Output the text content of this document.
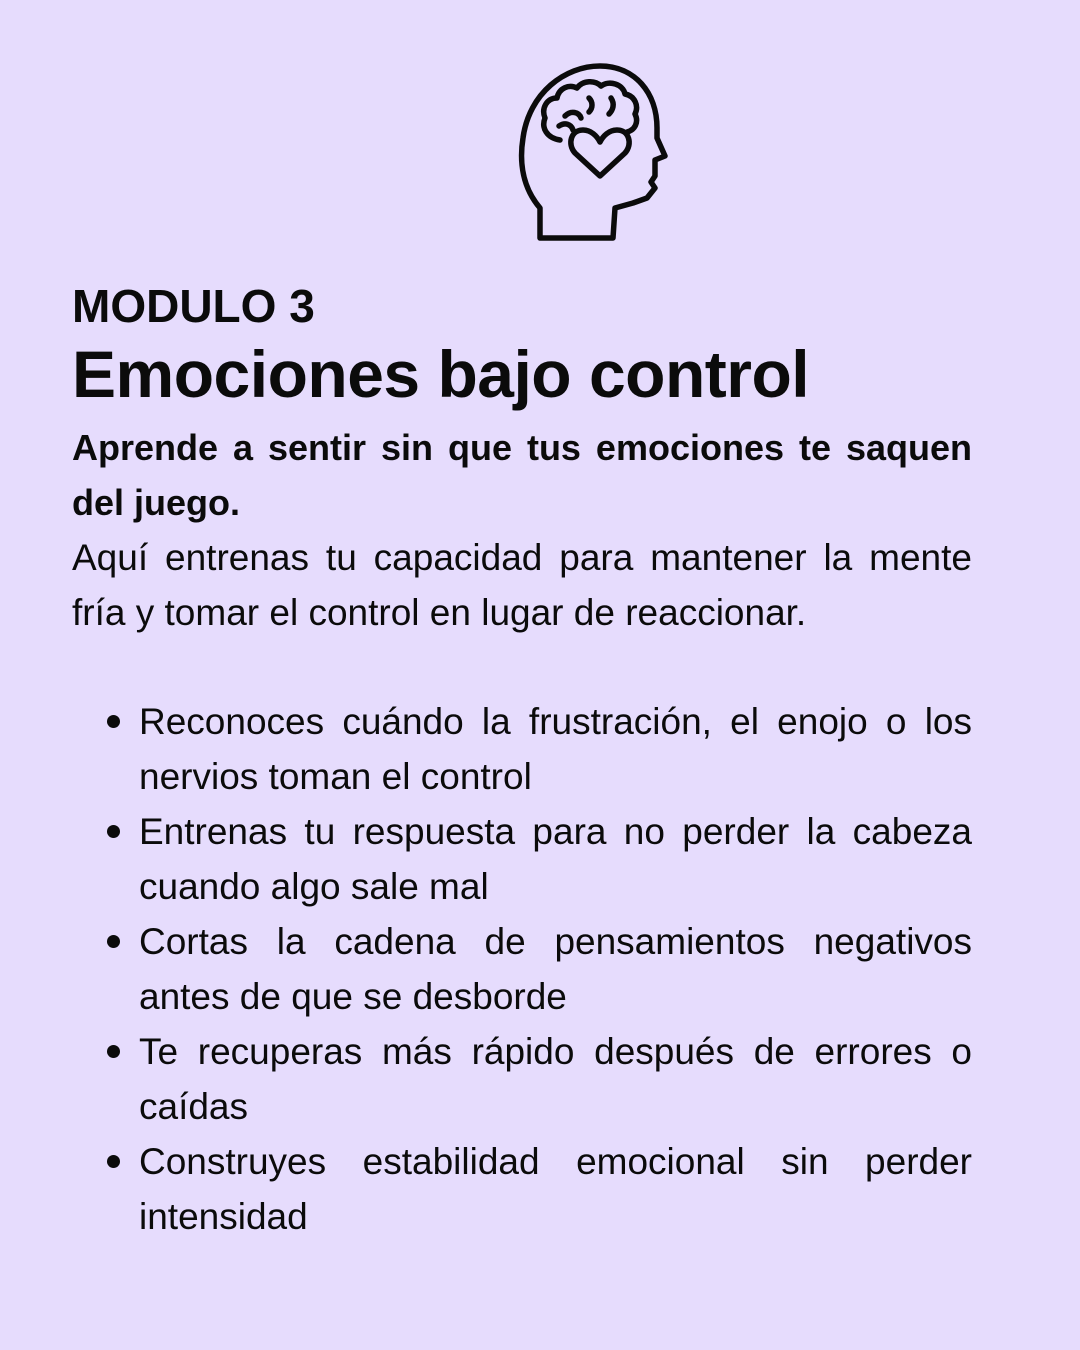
MODULO 3
Emociones bajo control

Aprende a sentir sin que tus emociones te saquen del juego.

Aquí entrenas tu capacidad para mantener la mente fría y tomar el control en lugar de reaccionar.

Reconoces cuándo la frustración, el enojo o los nervios toman el control
Entrenas tu respuesta para no perder la cabeza cuando algo sale mal
Cortas la cadena de pensamientos negativos antes de que se desborde
Te recuperas más rápido después de errores o caídas
Construyes estabilidad emocional sin perder intensidad
